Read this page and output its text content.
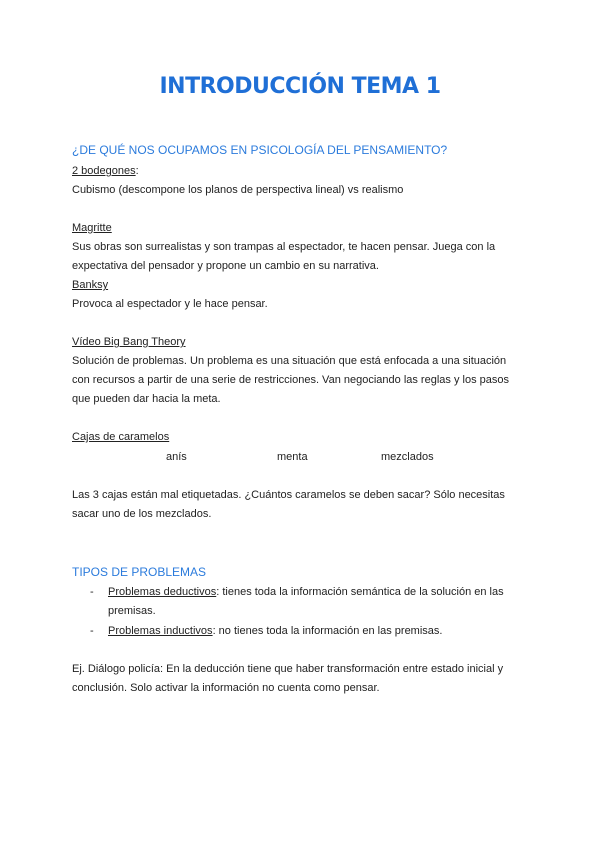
INTRODUCCIÓN TEMA 1
¿DE QUÉ NOS OCUPAMOS EN PSICOLOGÍA DEL PENSAMIENTO?
2 bodegones:
Cubismo (descompone los planos de perspectiva lineal) vs realismo
Magritte
Sus obras son surrealistas y son trampas al espectador, te hacen pensar. Juega con la
expectativa del pensador y propone un cambio en su narrativa.
Banksy
Provoca al espectador y le hace pensar.
Vídeo Big Bang Theory
Solución de problemas. Un problema es una situación que está enfocada a una situación
con recursos a partir de una serie de restricciones. Van negociando las reglas y los pasos
que pueden dar hacia la meta.
Cajas de caramelos
anís	menta	mezclados
Las 3 cajas están mal etiquetadas. ¿Cuántos caramelos se deben sacar? Sólo necesitas
sacar uno de los mezclados.
TIPOS DE PROBLEMAS
- Problemas deductivos: tienes toda la información semántica de la solución en las
premisas.
- Problemas inductivos: no tienes toda la información en las premisas.
Ej. Diálogo policía: En la deducción tiene que haber transformación entre estado inicial y
conclusión. Solo activar la información no cuenta como pensar.
